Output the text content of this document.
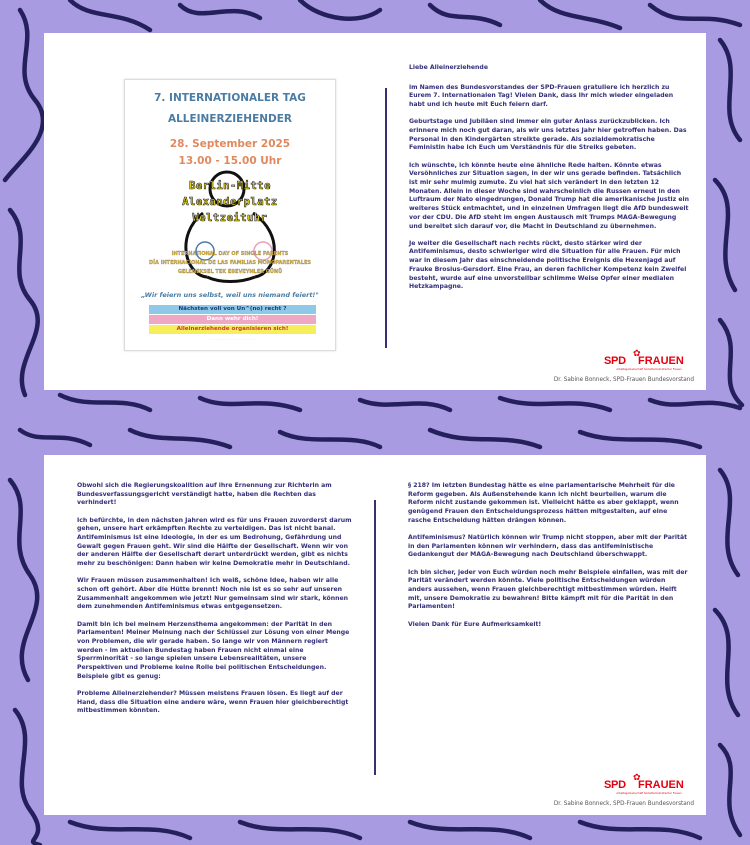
7. INTERNATIONALER TAG
ALLEINERZIEHENDER
28. September 2025
13.00 - 15.00 Uhr
Berlin-Mitte
Alexanderplatz
Weltzeituhr
INTERNATIONAL DAY OF SINGLE PARENTS
DÍA INTERNACIONAL DE LAS FAMILIAS MONOPARENTALES
GELENEKSEL TEK EBEVEYNLER GÜNÜ
„Wir feiern uns selbst, weil uns niemand feiert!"
Nächsten voll von Un^(no) recht ?
Dann wehr dich!
Alleinerziehende organisieren sich!
· · · · · · · · · · · · · · · · · · · · · · · ·

Liebe Alleinerziehende

im Namen des Bundesvorstandes der SPD-Frauen gratuliere ich herzlich zu Eurem 7. Internationalen Tag! Vielen Dank, dass Ihr mich wieder eingeladen habt und ich heute mit Euch feiern darf.

Geburtstage und Jubiläen sind immer ein guter Anlass zurückzublicken. Ich erinnere mich noch gut daran, als wir uns letztes Jahr hier getroffen haben. Das Personal in den Kindergärten streikte gerade. Als sozialdemokratische Feministin habe ich Euch um Verständnis für die Streiks gebeten.

Ich wünschte, ich könnte heute eine ähnliche Rede halten. Könnte etwas Versöhnliches zur Situation sagen, in der wir uns gerade befinden. Tatsächlich ist mir sehr mulmig zumute. Zu viel hat sich verändert in den letzten 12 Monaten. Allein in dieser Woche sind wahrscheinlich die Russen erneut in den Luftraum der Nato eingedrungen, Donald Trump hat die amerikanische Justiz ein weiteres Stück entmachtet, und in einzelnen Umfragen liegt die AfD bundesweit vor der CDU. Die AfD steht im engen Austausch mit Trumps MAGA-Bewegung und bereitet sich darauf vor, die Macht in Deutschland zu übernehmen.

Je weiter die Gesellschaft nach rechts rückt, desto stärker wird der Antifeminismus, desto schwieriger wird die Situation für alle Frauen. Für mich war in diesem Jahr das einschneidende politische Ereignis die Hexenjagd auf Frauke Brosius-Gersdorf. Eine Frau, an deren fachlicher Kompetenz kein Zweifel besteht, wurde auf eine unvorstellbar schlimme Weise Opfer einer medialen Hetzkampagne.

✿
SPD FRAUEN
Arbeitsgemeinschaft Sozialdemokratischer Frauen
Dr. Sabine Bonneck, SPD-Frauen Bundesvorstand

Obwohl sich die Regierungskoalition auf ihre Ernennung zur Richterin am Bundesverfassungsgericht verständigt hatte, haben die Rechten das verhindert!

Ich befürchte, in den nächsten Jahren wird es für uns Frauen zuvorderst darum gehen, unsere hart erkämpften Rechte zu verteidigen. Das ist nicht banal. Antifeminismus ist eine Ideologie, in der es um Bedrohung, Gefährdung und Gewalt gegen Frauen geht. Wir sind die Hälfte der Gesellschaft. Wenn wir von der anderen Hälfte der Gesellschaft derart unterdrückt werden, gibt es nichts mehr zu beschönigen: Dann haben wir keine Demokratie mehr in Deutschland.

Wir Frauen müssen zusammenhalten! Ich weiß, schöne Idee, haben wir alle schon oft gehört. Aber die Hütte brennt! Noch nie ist es so sehr auf unseren Zusammenhalt angekommen wie jetzt! Nur gemeinsam sind wir stark, können dem zunehmenden Antifeminismus etwas entgegensetzen.

Damit bin ich bei meinem Herzensthema angekommen: der Parität in den Parlamenten! Meiner Meinung nach der Schlüssel zur Lösung von einer Menge von Problemen, die wir gerade haben. So lange wir von Männern regiert werden - im aktuellen Bundestag haben Frauen nicht einmal eine Sperrminorität - so lange spielen unsere Lebensrealitäten, unsere Perspektiven und Probleme keine Rolle bei politischen Entscheidungen. Beispiele gibt es genug:

Probleme Alleinerziehender? Müssen meistens Frauen lösen. Es liegt auf der Hand, dass die Situation eine andere wäre, wenn Frauen hier gleichberechtigt mitbestimmen könnten.

§ 218? Im letzten Bundestag hätte es eine parlamentarische Mehrheit für die Reform gegeben. Als Außenstehende kann ich nicht beurteilen, warum die Reform nicht zustande gekommen ist. Vielleicht hätte es aber geklappt, wenn genügend Frauen den Entscheidungsprozess hätten mitgestalten, auf eine rasche Entscheidung hätten drängen können.

Antifeminismus? Natürlich können wir Trump nicht stoppen, aber mit der Parität in den Parlamenten können wir verhindern, dass das antifeministische Gedankengut der MAGA-Bewegung nach Deutschland überschwappt.

Ich bin sicher, jeder von Euch würden noch mehr Beispiele einfallen, was mit der Parität verändert werden könnte. Viele politische Entscheidungen würden anders aussehen, wenn Frauen gleichberechtigt mitbestimmen würden. Helft mit, unsere Demokratie zu bewahren! Bitte kämpft mit für die Parität in den Parlamenten!

Vielen Dank für Eure Aufmerksamkeit!

✿
SPD FRAUEN
Arbeitsgemeinschaft Sozialdemokratischer Frauen
Dr. Sabine Bonneck, SPD-Frauen Bundesvorstand
